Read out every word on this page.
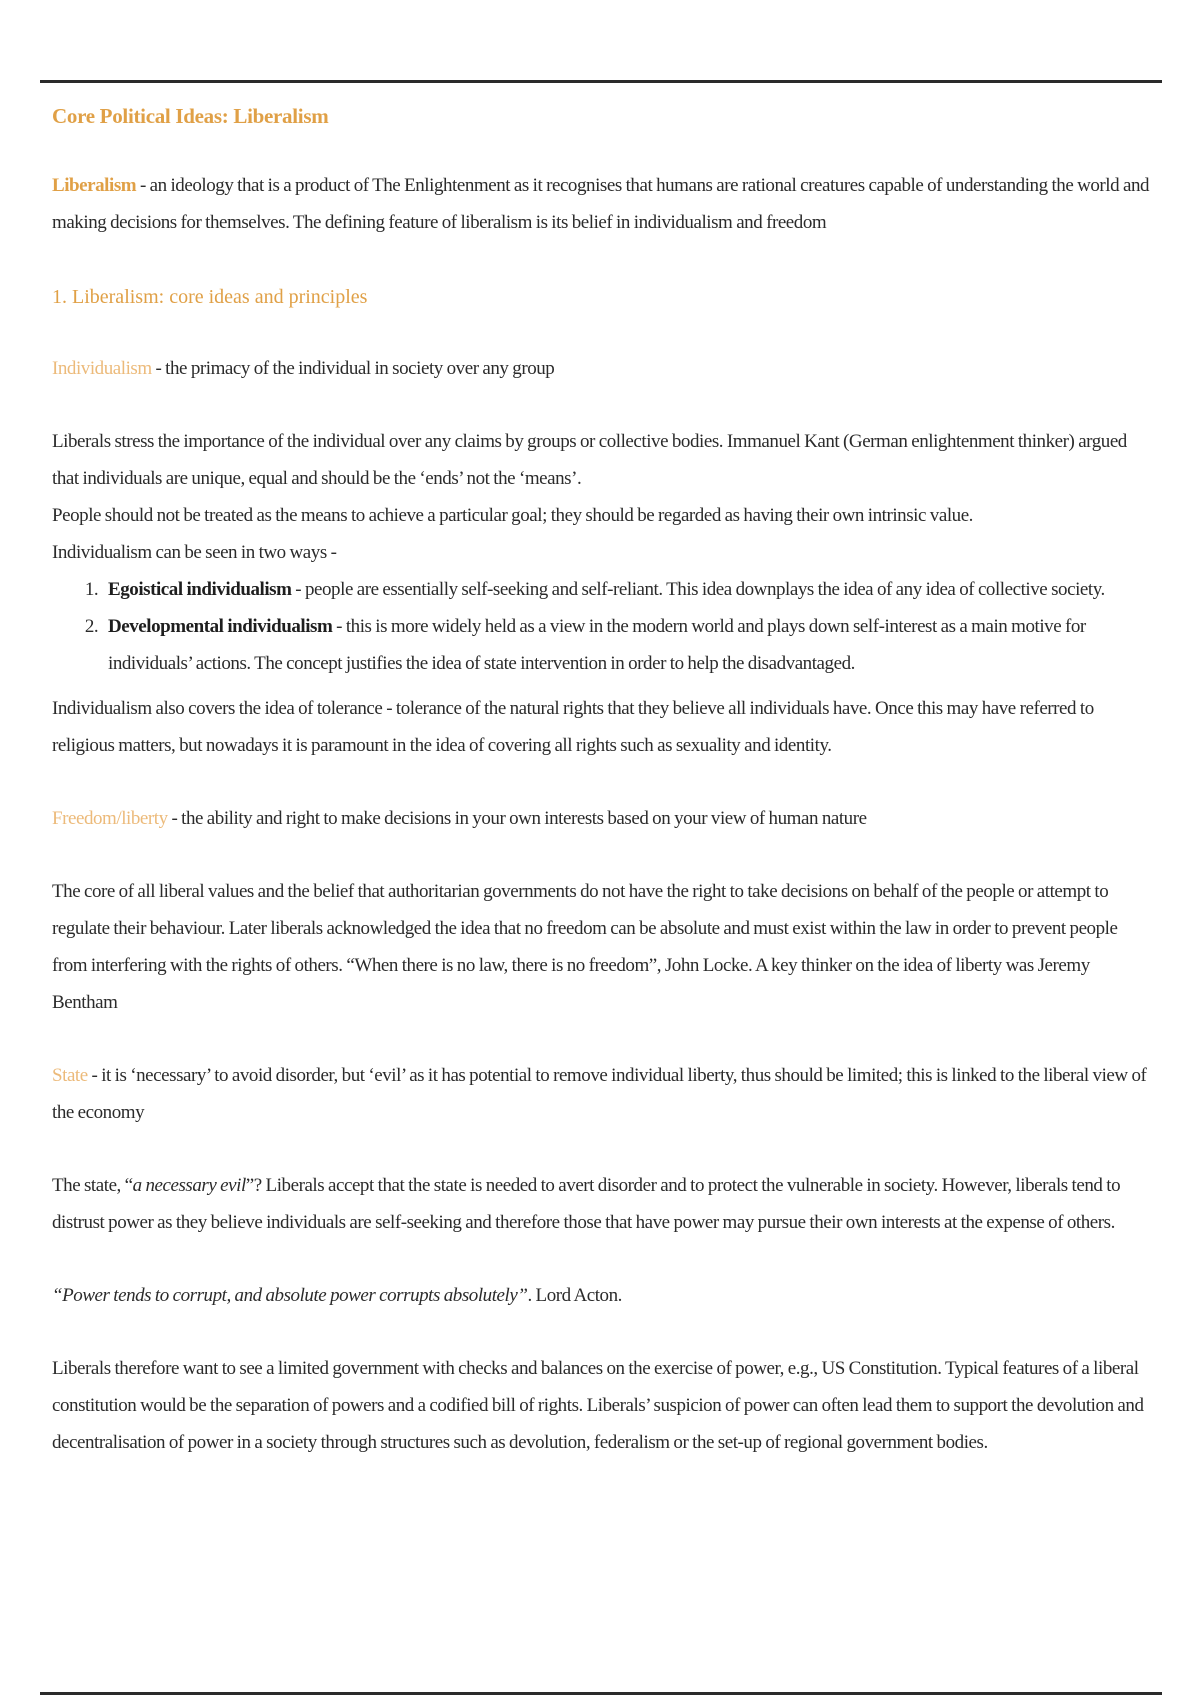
Core Political Ideas: Liberalism

Liberalism - an ideology that is a product of The Enlightenment as it recognises that humans are rational creatures capable of understanding the world and making decisions for themselves. The defining feature of liberalism is its belief in individualism and freedom

1. Liberalism: core ideas and principles

Individualism - the primacy of the individual in society over any group

Liberals stress the importance of the individual over any claims by groups or collective bodies. Immanuel Kant (German enlightenment thinker) argued that individuals are unique, equal and should be the ‘ends’ not the ‘means’.

People should not be treated as the means to achieve a particular goal; they should be regarded as having their own intrinsic value.

Individualism can be seen in two ways -

1. Egoistical individualism - people are essentially self-seeking and self-reliant. This idea downplays the idea of any idea of collective society.
2. Developmental individualism - this is more widely held as a view in the modern world and plays down self-interest as a main motive for individuals’ actions. The concept justifies the idea of state intervention in order to help the disadvantaged.

Individualism also covers the idea of tolerance - tolerance of the natural rights that they believe all individuals have. Once this may have referred to religious matters, but nowadays it is paramount in the idea of covering all rights such as sexuality and identity.

Freedom/liberty - the ability and right to make decisions in your own interests based on your view of human nature

The core of all liberal values and the belief that authoritarian governments do not have the right to take decisions on behalf of the people or attempt to regulate their behaviour. Later liberals acknowledged the idea that no freedom can be absolute and must exist within the law in order to prevent people from interfering with the rights of others. “When there is no law, there is no freedom”, John Locke. A key thinker on the idea of liberty was Jeremy Bentham

State - it is ‘necessary’ to avoid disorder, but ‘evil’ as it has potential to remove individual liberty, thus should be limited; this is linked to the liberal view of the economy

The state, “a necessary evil”? Liberals accept that the state is needed to avert disorder and to protect the vulnerable in society. However, liberals tend to distrust power as they believe individuals are self-seeking and therefore those that have power may pursue their own interests at the expense of others.

“Power tends to corrupt, and absolute power corrupts absolutely”. Lord Acton.

Liberals therefore want to see a limited government with checks and balances on the exercise of power, e.g., US Constitution. Typical features of a liberal constitution would be the separation of powers and a codified bill of rights. Liberals’ suspicion of power can often lead them to support the devolution and decentralisation of power in a society through structures such as devolution, federalism or the set-up of regional government bodies.
